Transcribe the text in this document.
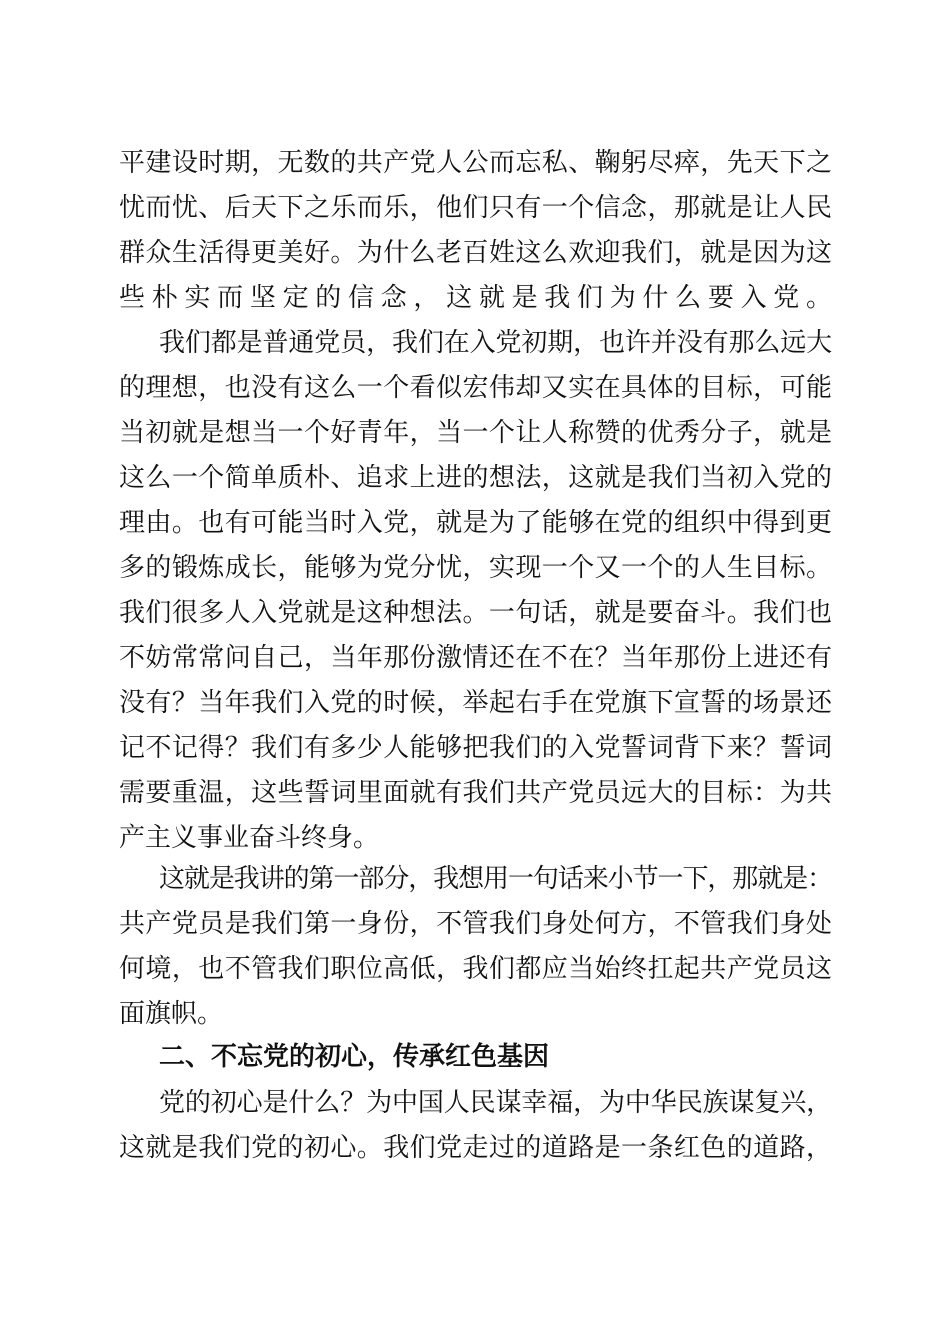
平建设时期，无数的共产党人公而忘私、鞠躬尽瘁，先天下之

忧而忧、后天下之乐而乐，他们只有一个信念，那就是让人民

群众生活得更美好。为什么老百姓这么欢迎我们，就是因为这

些朴实而坚定的信念，这就是我们为什么要入党。

我们都是普通党员，我们在入党初期，也许并没有那么远大

的理想，也没有这么一个看似宏伟却又实在具体的目标，可能

当初就是想当一个好青年，当一个让人称赞的优秀分子，就是

这么一个简单质朴、追求上进的想法，这就是我们当初入党的

理由。也有可能当时入党，就是为了能够在党的组织中得到更

多的锻炼成长，能够为党分忧，实现一个又一个的人生目标。

我们很多人入党就是这种想法。一句话，就是要奋斗。我们也

不妨常常问自己，当年那份激情还在不在？当年那份上进还有

没有？当年我们入党的时候，举起右手在党旗下宣誓的场景还

记不记得？我们有多少人能够把我们的入党誓词背下来？誓词

需要重温，这些誓词里面就有我们共产党员远大的目标：为共

产主义事业奋斗终身。

这就是我讲的第一部分，我想用一句话来小节一下，那就是：

共产党员是我们第一身份，不管我们身处何方，不管我们身处

何境，也不管我们职位高低，我们都应当始终扛起共产党员这

面旗帜。

二、不忘党的初心，传承红色基因

党的初心是什么？为中国人民谋幸福，为中华民族谋复兴，

这就是我们党的初心。我们党走过的道路是一条红色的道路，
